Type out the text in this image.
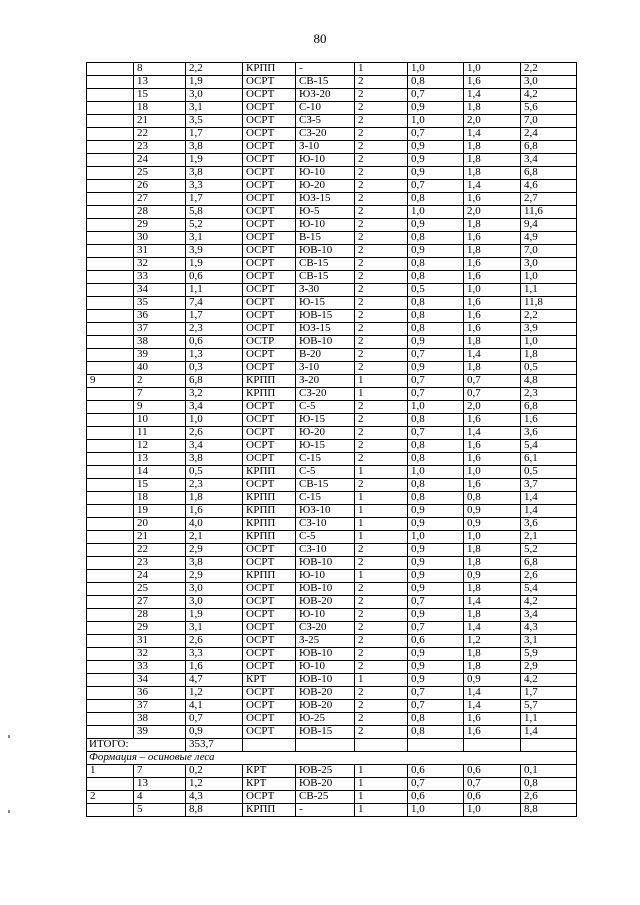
80
	8	2,2	КРПП	-	1	1,0	1,0	2,2
	13	1,9	ОСРТ	СВ-15	2	0,8	1,6	3,0
	15	3,0	ОСРТ	ЮЗ-20	2	0,7	1,4	4,2
	18	3,1	ОСРТ	С-10	2	0,9	1,8	5,6
	21	3,5	ОСРТ	СЗ-5	2	1,0	2,0	7,0
	22	1,7	ОСРТ	СЗ-20	2	0,7	1,4	2,4
	23	3,8	ОСРТ	З-10	2	0,9	1,8	6,8
	24	1,9	ОСРТ	Ю-10	2	0,9	1,8	3,4
	25	3,8	ОСРТ	Ю-10	2	0,9	1,8	6,8
	26	3,3	ОСРТ	Ю-20	2	0,7	1,4	4,6
	27	1,7	ОСРТ	ЮЗ-15	2	0,8	1,6	2,7
	28	5,8	ОСРТ	Ю-5	2	1,0	2,0	11,6
	29	5,2	ОСРТ	Ю-10	2	0,9	1,8	9,4
	30	3,1	ОСРТ	В-15	2	0,8	1,6	4,9
	31	3,9	ОСРТ	ЮВ-10	2	0,9	1,8	7,0
	32	1,9	ОСРТ	СВ-15	2	0,8	1,6	3,0
	33	0,6	ОСРТ	СВ-15	2	0,8	1,6	1,0
	34	1,1	ОСРТ	З-30	2	0,5	1,0	1,1
	35	7,4	ОСРТ	Ю-15	2	0,8	1,6	11,8
	36	1,7	ОСРТ	ЮВ-15	2	0,8	1,6	2,2
	37	2,3	ОСРТ	ЮЗ-15	2	0,8	1,6	3,9
	38	0,6	ОСТР	ЮВ-10	2	0,9	1,8	1,0
	39	1,3	ОСРТ	В-20	2	0,7	1,4	1,8
	40	0,3	ОСРТ	З-10	2	0,9	1,8	0,5
9	2	6,8	КРПП	З-20	1	0,7	0,7	4,8
	7	3,2	КРПП	СЗ-20	1	0,7	0,7	2,3
	9	3,4	ОСРТ	С-5	2	1,0	2,0	6,8
	10	1,0	ОСРТ	Ю-15	2	0,8	1,6	1,6
	11	2,6	ОСРТ	Ю-20	2	0,7	1,4	3,6
	12	3,4	ОСРТ	Ю-15	2	0,8	1,6	5,4
	13	3,8	ОСРТ	С-15	2	0,8	1,6	6,1
	14	0,5	КРПП	С-5	1	1,0	1,0	0,5
	15	2,3	ОСРТ	СВ-15	2	0,8	1,6	3,7
	18	1,8	КРПП	С-15	1	0,8	0,8	1,4
	19	1,6	КРПП	ЮЗ-10	1	0,9	0,9	1,4
	20	4,0	КРПП	СЗ-10	1	0,9	0,9	3,6
	21	2,1	КРПП	С-5	1	1,0	1,0	2,1
	22	2,9	ОСРТ	СЗ-10	2	0,9	1,8	5,2
	23	3,8	ОСРТ	ЮВ-10	2	0,9	1,8	6,8
	24	2,9	КРПП	Ю-10	1	0,9	0,9	2,6
	25	3,0	ОСРТ	ЮВ-10	2	0,9	1,8	5,4
	27	3,0	ОСРТ	ЮВ-20	2	0,7	1,4	4,2
	28	1,9	ОСРТ	Ю-10	2	0,9	1,8	3,4
	29	3,1	ОСРТ	СЗ-20	2	0,7	1,4	4,3
	31	2,6	ОСРТ	З-25	2	0,6	1,2	3,1
	32	3,3	ОСРТ	ЮВ-10	2	0,9	1,8	5,9
	33	1,6	ОСРТ	Ю-10	2	0,9	1,8	2,9
	34	4,7	КРТ	ЮВ-10	1	0,9	0,9	4,2
	36	1,2	ОСРТ	ЮВ-20	2	0,7	1,4	1,7
	37	4,1	ОСРТ	ЮВ-20	2	0,7	1,4	5,7
	38	0,7	ОСРТ	Ю-25	2	0,8	1,6	1,1
	39	0,9	ОСРТ	ЮВ-15	2	0,8	1,6	1,4
ИТОГО:		353,7						
Формация – осиновые леса								
1	7	0,2	КРТ	ЮВ-25	1	0,6	0,6	0,1
	13	1,2	КРТ	ЮВ-20	1	0,7	0,7	0,8
2	4	4,3	ОСРТ	СВ-25	1	0,6	0,6	2,6
	5	8,8	КРПП	-	1	1,0	1,0	8,8
